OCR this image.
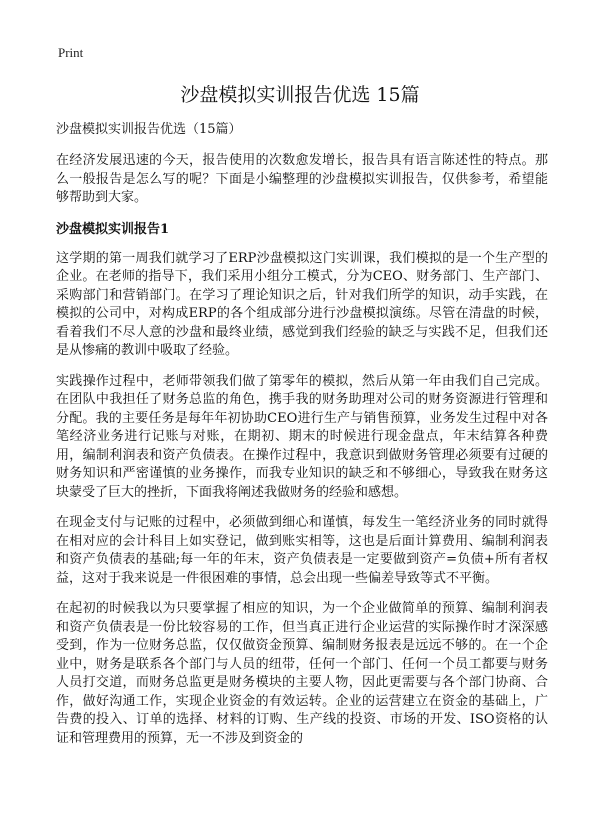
Print
沙盘模拟实训报告优选 15篇

沙盘模拟实训报告优选（15篇）

在经济发展迅速的今天，报告使用的次数愈发增长，报告具有语言陈述性的特点。那么一般报告是怎么写的呢？下面是小编整理的沙盘模拟实训报告，仅供参考，希望能够帮助到大家。

沙盘模拟实训报告1

这学期的第一周我们就学习了ERP沙盘模拟这门实训课，我们模拟的是一个生产型的企业。在老师的指导下，我们采用小组分工模式，分为CEO、财务部门、生产部门、采购部门和营销部门。在学习了理论知识之后，针对我们所学的知识，动手实践，在模拟的公司中，对构成ERP的各个组成部分进行沙盘模拟演练。尽管在清盘的时候，看着我们不尽人意的沙盘和最终业绩，感觉到我们经验的缺乏与实践不足，但我们还是从惨痛的教训中吸取了经验。

实践操作过程中，老师带领我们做了第零年的模拟，然后从第一年由我们自己完成。在团队中我担任了财务总监的角色，携手我的财务助理对公司的财务资源进行管理和分配。我的主要任务是每年年初协助CEO进行生产与销售预算，业务发生过程中对各笔经济业务进行记账与对账，在期初、期末的时候进行现金盘点，年末结算各种费用，编制利润表和资产负债表。在操作过程中，我意识到做财务管理必须要有过硬的财务知识和严密谨慎的业务操作，而我专业知识的缺乏和不够细心，导致我在财务这块蒙受了巨大的挫折，下面我将阐述我做财务的经验和感想。

在现金支付与记账的过程中，必须做到细心和谨慎，每发生一笔经济业务的同时就得在相对应的会计科目上如实登记，做到账实相等，这也是后面计算费用、编制利润表和资产负债表的基础;每一年的年末，资产负债表是一定要做到资产=负债+所有者权益，这对于我来说是一件很困难的事情，总会出现一些偏差导致等式不平衡。

在起初的时候我以为只要掌握了相应的知识，为一个企业做简单的预算、编制利润表和资产负债表是一份比较容易的工作，但当真正进行企业运营的实际操作时才深深感受到，作为一位财务总监，仅仅做资金预算、编制财务报表是远远不够的。在一个企业中，财务是联系各个部门与人员的纽带，任何一个部门、任何一个员工都要与财务人员打交道，而财务总监更是财务模块的主要人物，因此更需要与各个部门协商、合作，做好沟通工作，实现企业资金的有效运转。企业的运营建立在资金的基础上，广告费的投入、订单的选择、材料的订购、生产线的投资、市场的开发、ISO资格的认证和管理费用的预算，无一不涉及到资金的
